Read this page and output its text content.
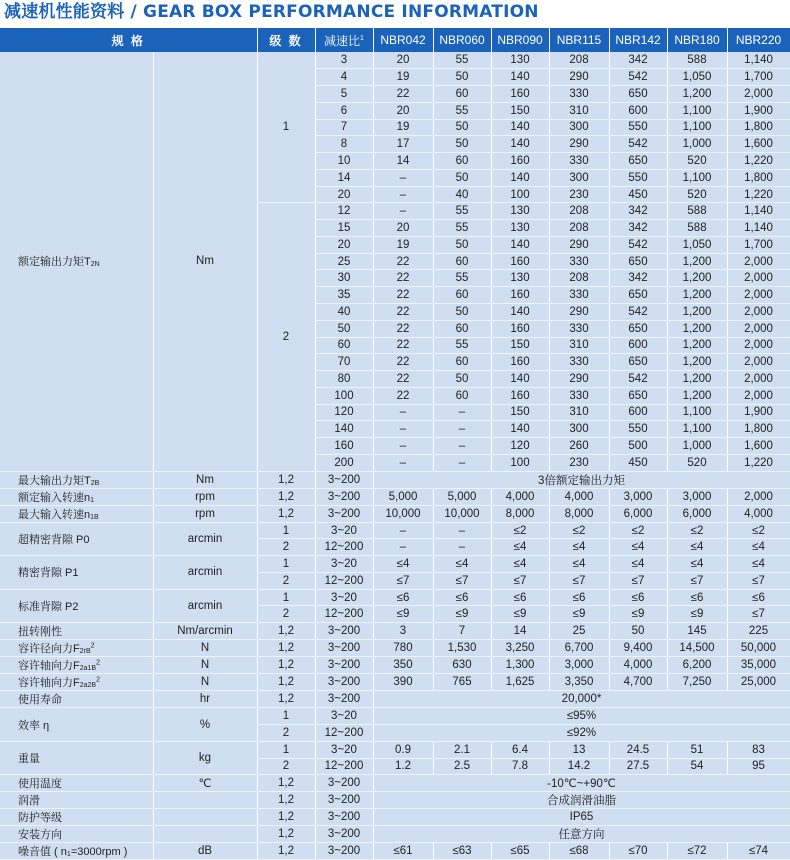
减速机性能资料 / GEAR BOX PERFORMANCE INFORMATION
规 格		级 数	减速比$^1$	NBR042	NBR060	NBR090	NBR115	NBR142	NBR180	NBR220
额定输出力矩$T_{2N}$	Nm	1	3	20	55	130	208	342	588	1,140
			4	19	50	140	290	542	1,050	1,700
			5	22	60	160	330	650	1,200	2,000
			6	20	55	150	310	600	1,100	1,900
			7	19	50	140	300	550	1,100	1,800
			8	17	50	140	290	542	1,000	1,600
			10	14	60	160	330	650	520	1,220
			14	–	50	140	300	550	1,100	1,800
			20	–	40	100	230	450	520	1,220
		2	12	–	55	130	208	342	588	1,140
			15	20	55	130	208	342	588	1,140
			20	19	50	140	290	542	1,050	1,700
			25	22	60	160	330	650	1,200	2,000
			30	22	55	130	208	342	1,200	2,000
			35	22	60	160	330	650	1,200	2,000
			40	22	50	140	290	542	1,200	2,000
			50	22	60	160	330	650	1,200	2,000
			60	22	55	150	310	600	1,200	2,000
			70	22	60	160	330	650	1,200	2,000
			80	22	50	140	290	542	1,200	2,000
			100	22	60	160	330	650	1,200	2,000
			120	–	–	150	310	600	1,100	1,900
			140	–	–	140	300	550	1,100	1,800
			160	–	–	120	260	500	1,000	1,600
			200	–	–	100	230	450	520	1,220
最大输出力矩$T_{2B}$	Nm	1,2	3~200	3倍额定输出力矩						
额定输入转速$n_1$	rpm	1,2	3~200	5,000	5,000	4,000	4,000	3,000	3,000	2,000
最大输入转速$n_{1B}$	rpm	1,2	3~200	10,000	10,000	8,000	8,000	6,000	6,000	4,000
超精密背隙 P0	arcmin	1	3~20	–	–	≤2	≤2	≤2	≤2	≤2
		2	12~200	–	–	≤4	≤4	≤4	≤4	≤4
精密背隙 P1	arcmin	1	3~20	≤4	≤4	≤4	≤4	≤4	≤4	≤4
		2	12~200	≤7	≤7	≤7	≤7	≤7	≤7	≤7
标准背隙 P2	arcmin	1	3~20	≤6	≤6	≤6	≤6	≤6	≤6	≤6
		2	12~200	≤9	≤9	≤9	≤9	≤9	≤9	≤7
扭转刚性	Nm/arcmin	1,2	3~200	3	7	14	25	50	145	225
容许径向力$F_{2rB}^2$	N	1,2	3~200	780	1,530	3,250	6,700	9,400	14,500	50,000
容许轴向力$F_{2a1B}^2$	N	1,2	3~200	350	630	1,300	3,000	4,000	6,200	35,000
容许轴向力$F_{2a2B}^2$	N	1,2	3~200	390	765	1,625	3,350	4,700	7,250	25,000
使用寿命	hr	1,2	3~200	20,000*						
效率 η	%	1	3~20	≤95%						
		2	12~200	≤92%						
重量	kg	1	3~20	0.9	2.1	6.4	13	24.5	51	83
		2	12~200	1.2	2.5	7.8	14.2	27.5	54	95
使用温度	℃	1,2	3~200	-10℃~+90℃						
润滑		1,2	3~200	合成润滑油脂						
防护等级		1,2	3~200	IP65						
安装方向		1,2	3~200	任意方向						
噪音值 ( $n_1=3000rpm$ )	dB	1,2	3~200	≤61	≤63	≤65	≤68	≤70	≤72	≤74
